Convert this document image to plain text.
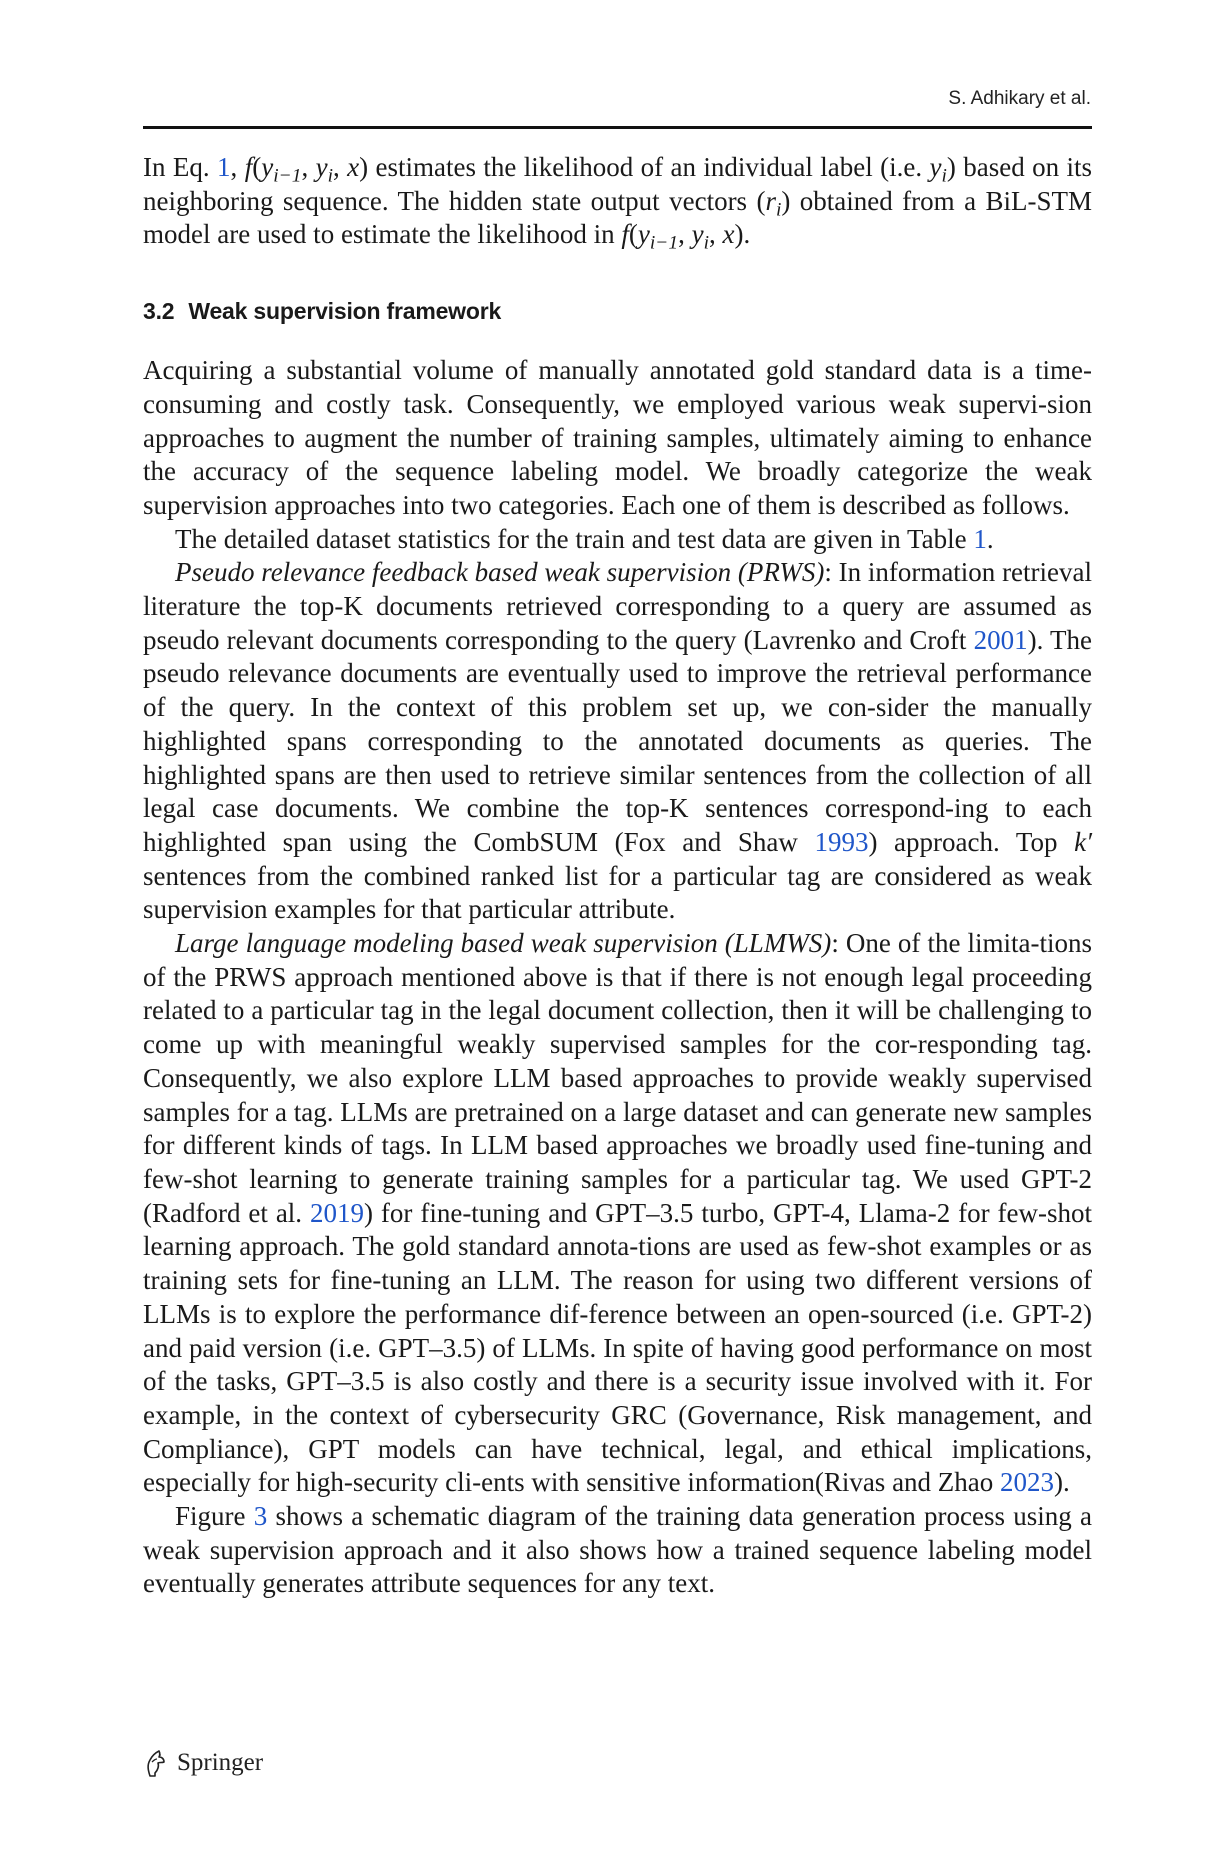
S. Adhikary et al.

In Eq. 1, $f(y_{i-1}$, $y_i$, x) estimates the likelihood of an individual label (i.e. $y_i$) based on its neighboring sequence. The hidden state output vectors $(r_i)$ obtained from a BiL-STM model are used to estimate the likelihood in $f(y_{i-1}$, $y_i$, x).

3.2 Weak supervision framework

Acquiring a substantial volume of manually annotated gold standard data is a time-consuming and costly task. Consequently, we employed various weak supervi-sion approaches to augment the number of training samples, ultimately aiming to enhance the accuracy of the sequence labeling model. We broadly categorize the weak supervision approaches into two categories. Each one of them is described as follows.

The detailed dataset statistics for the train and test data are given in Table 1.

Pseudo relevance feedback based weak supervision (PRWS): In information retrieval literature the top-K documents retrieved corresponding to a query are assumed as pseudo relevant documents corresponding to the query (Lavrenko and Croft 2001). The pseudo relevance documents are eventually used to improve the retrieval performance of the query. In the context of this problem set up, we con-sider the manually highlighted spans corresponding to the annotated documents as queries. The highlighted spans are then used to retrieve similar sentences from the collection of all legal case documents. We combine the top-K sentences correspond-ing to each highlighted span using the CombSUM (Fox and Shaw 1993) approach. Top k′ sentences from the combined ranked list for a particular tag are considered as weak supervision examples for that particular attribute.

Large language modeling based weak supervision (LLMWS): One of the limita-tions of the PRWS approach mentioned above is that if there is not enough legal proceeding related to a particular tag in the legal document collection, then it will be challenging to come up with meaningful weakly supervised samples for the cor-responding tag. Consequently, we also explore LLM based approaches to provide weakly supervised samples for a tag. LLMs are pretrained on a large dataset and can generate new samples for different kinds of tags. In LLM based approaches we broadly used fine-tuning and few-shot learning to generate training samples for a particular tag. We used GPT-2 (Radford et al. 2019) for fine-tuning and GPT–3.5 turbo, GPT-4, Llama-2 for few-shot learning approach. The gold standard annota-tions are used as few-shot examples or as training sets for fine-tuning an LLM. The reason for using two different versions of LLMs is to explore the performance dif-ference between an open-sourced (i.e. GPT-2) and paid version (i.e. GPT–3.5) of LLMs. In spite of having good performance on most of the tasks, GPT–3.5 is also costly and there is a security issue involved with it. For example, in the context of cybersecurity GRC (Governance, Risk management, and Compliance), GPT models can have technical, legal, and ethical implications, especially for high-security cli-ents with sensitive information(Rivas and Zhao 2023).

Figure 3 shows a schematic diagram of the training data generation process using a weak supervision approach and it also shows how a trained sequence labeling model eventually generates attribute sequences for any text.

Springer
